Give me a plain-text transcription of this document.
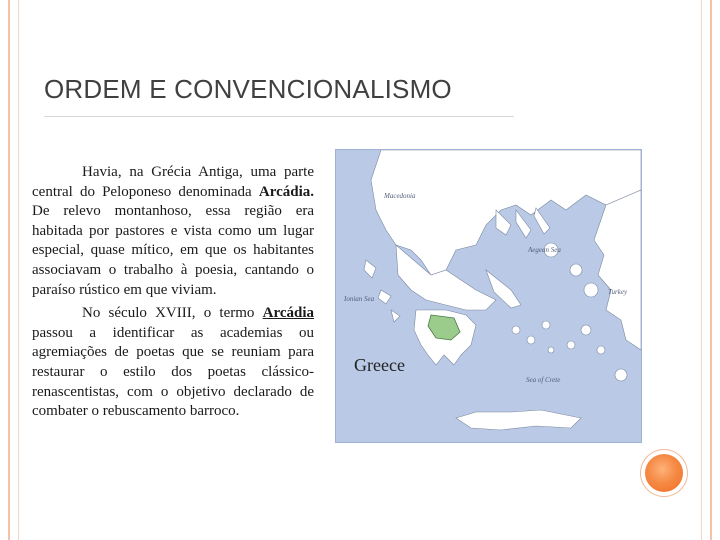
ORDEM E CONVENCIONALISMO

Havia, na Grécia Antiga, uma parte central do Peloponeso denominada Arcádia. De relevo montanhoso, essa região era habitada por pastores e vista como um lugar especial, quase mítico, em que os habitantes associavam o trabalho à poesia, cantando o paraíso rústico em que viviam.

No século XVIII, o termo Arcádia passou a identificar as academias ou agremiações de poetas que se reuniam para restaurar o estilo dos poetas clássico-renascentistas, com o objetivo declarado de combater o rebuscamento barroco.

Macedonia
Aegean Sea
Ionian Sea
Turkey
Sea of Crete
Greece
